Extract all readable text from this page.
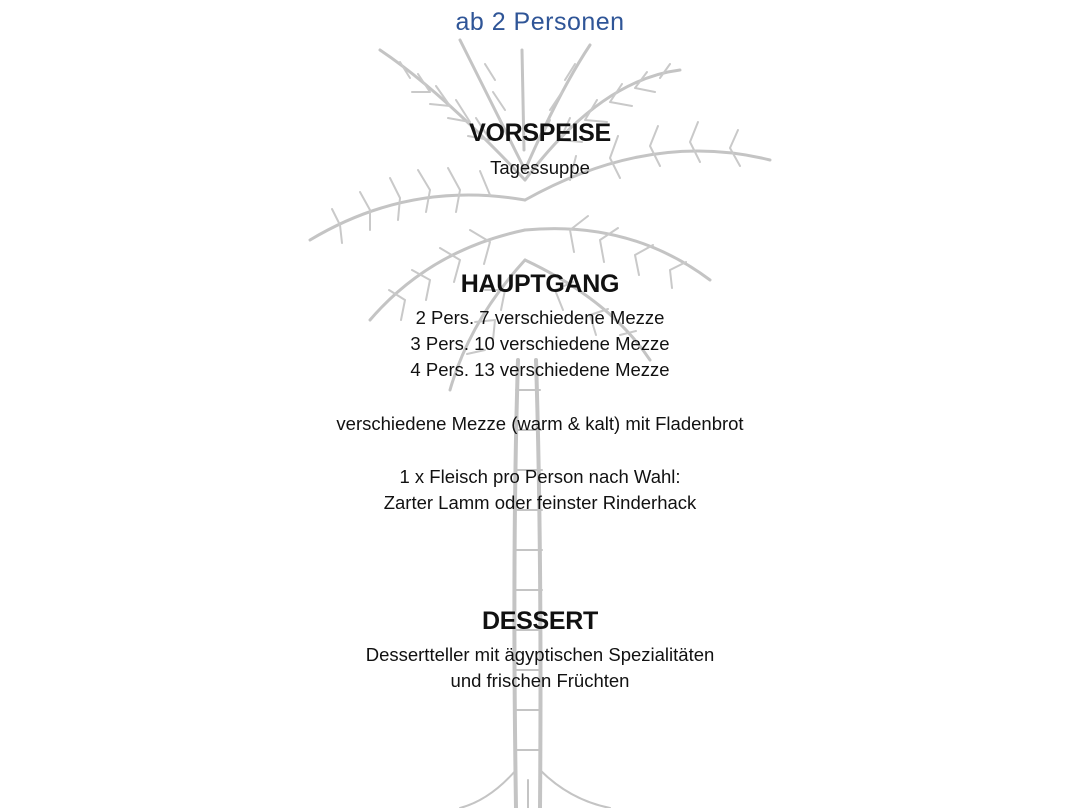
ab 2 Personen
VORSPEISE
Tagessuppe
HAUPTGANG
2 Pers. 7 verschiedene Mezze
3 Pers. 10 verschiedene Mezze
4 Pers. 13 verschiedene Mezze
verschiedene Mezze (warm & kalt) mit Fladenbrot
1 x Fleisch pro Person nach Wahl:
Zarter Lamm oder feinster Rinderhack
DESSERT
Dessertteller mit ägyptischen Spezialitäten
und frischen Früchten
